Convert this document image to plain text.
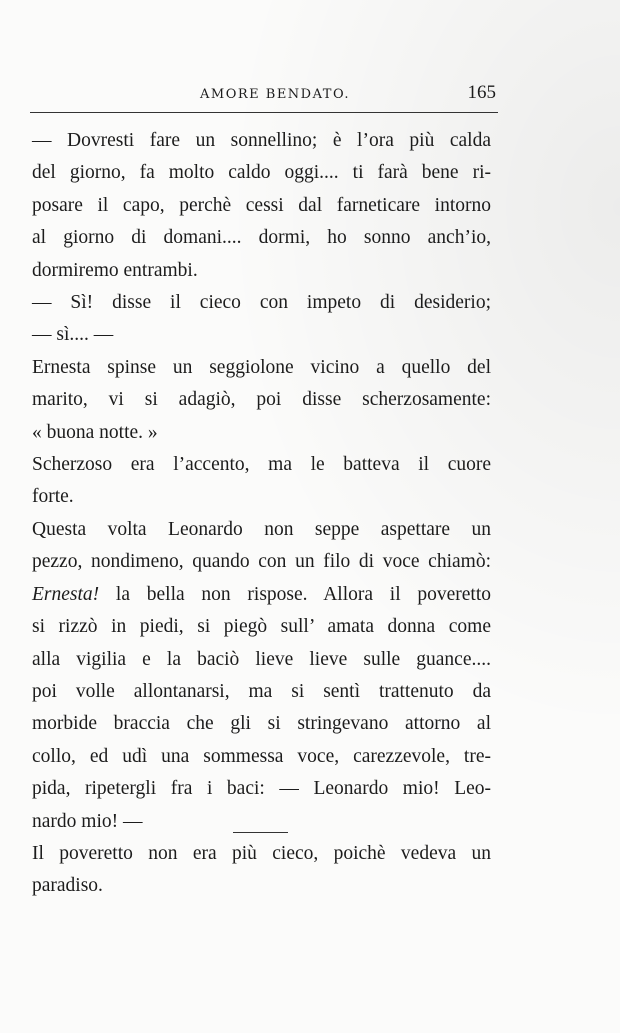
AMORE BENDATO.	165

— Dovresti fare un sonnellino; è l’ora più calda
del giorno, fa molto caldo oggi.... ti farà bene ri-
posare il capo, perchè cessi dal farneticare intorno
al giorno di domani.... dormi, ho sonno anch’io,
dormiremo entrambi.

— Sì! disse il cieco con impeto di desiderio;
— sì.... —

Ernesta spinse un seggiolone vicino a quello del
marito, vi si adagiò, poi disse scherzosamente:
« buona notte. »

Scherzoso era l’accento, ma le batteva il cuore
forte.

Questa volta Leonardo non seppe aspettare un
pezzo, nondimeno, quando con un filo di voce chiamò:
Ernesta! la bella non rispose. Allora il poveretto
si rizzò in piedi, si piegò sull’ amata donna come
alla vigilia e la baciò lieve lieve sulle guance....
poi volle allontanarsi, ma si sentì trattenuto da
morbide braccia che gli si stringevano attorno al
collo, ed udì una sommessa voce, carezzevole, tre-
pida, ripetergli fra i baci: — Leonardo mio! Leo-
nardo mio! —

Il poveretto non era più cieco, poichè vedeva un
paradiso.
